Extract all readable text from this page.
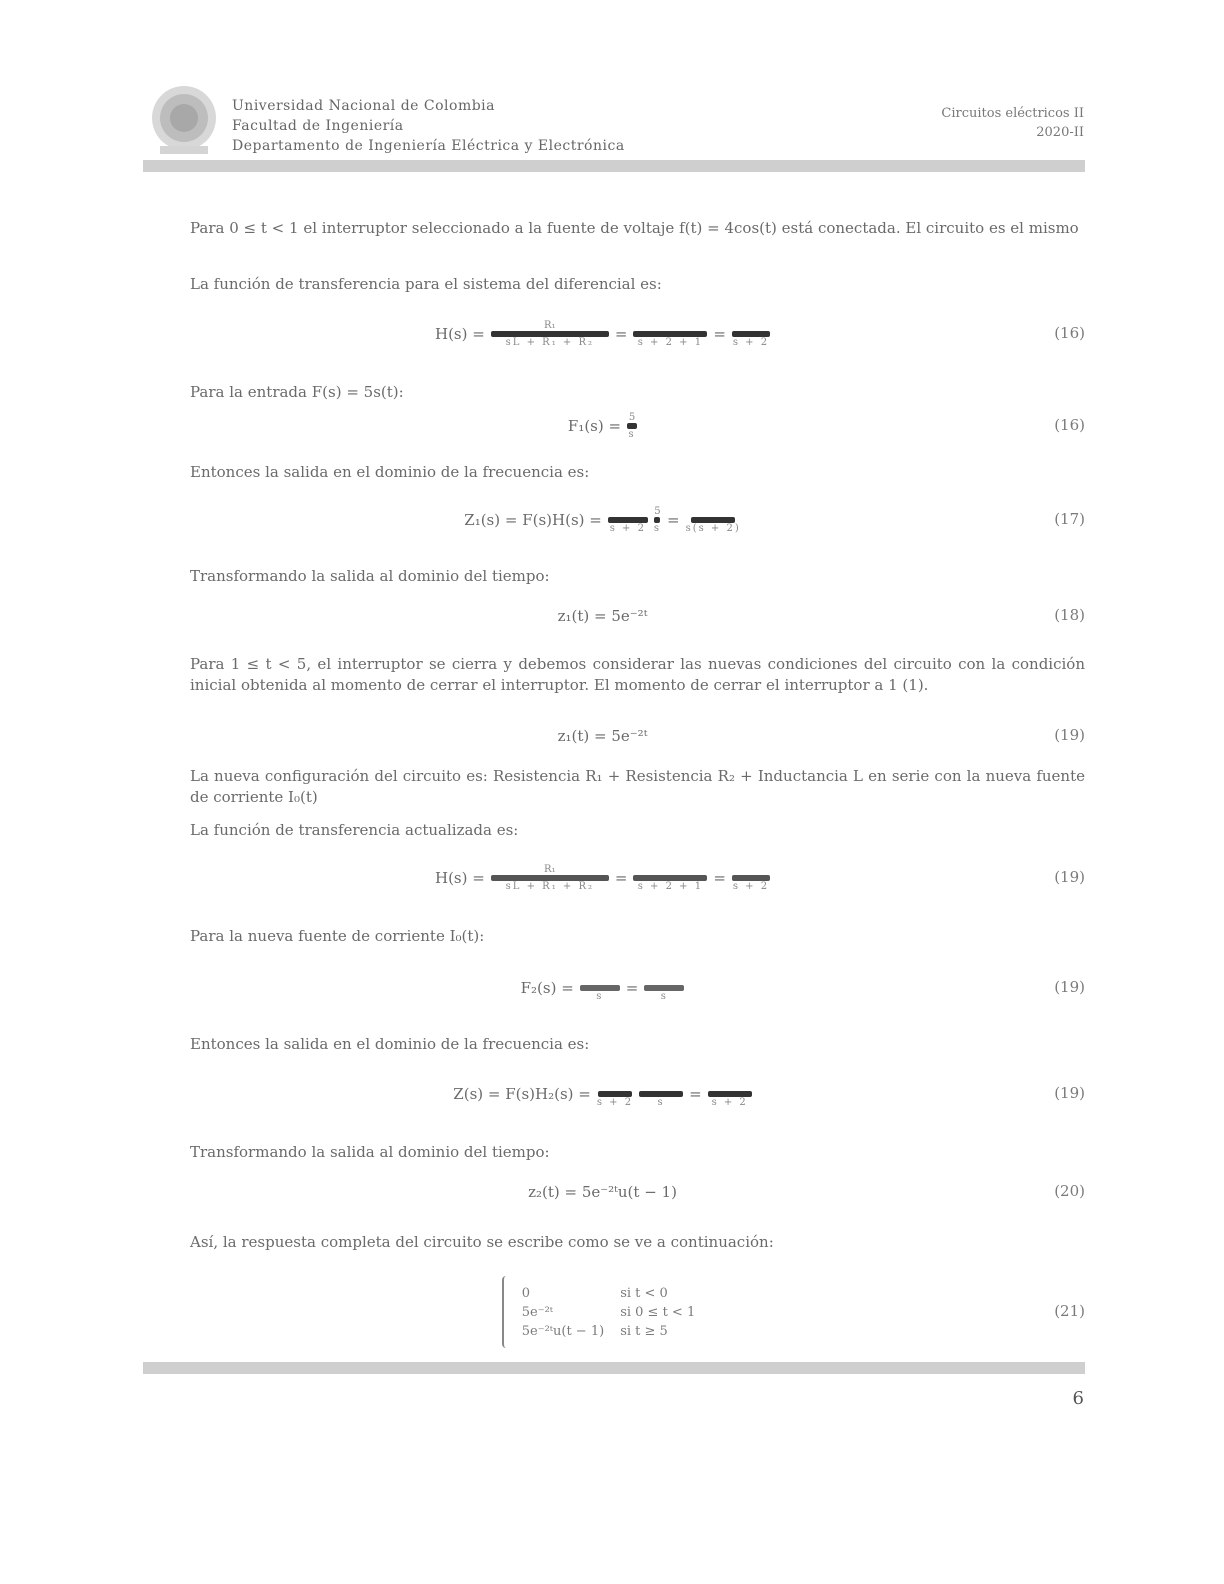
Universidad Nacional de Colombia
Facultad de Ingeniería
Departamento de Ingeniería Eléctrica y Electrónica
Circuitos eléctricos II
2020-II
Para 0 ≤ t < 1 el interruptor seleccionado a la fuente de voltaje f(t) = 4cos(t) está conectada. El circuito es el mismo
La función de transferencia para el sistema del diferencial es:
H(s) =	R₁
sL + R₁ + R₂ =
s + 2 + 1 =
s + 2
(16)
Para la entrada F(s) = 5s(t):
F₁(s) = 5
s
(16)
Entonces la salida en el dominio de la frecuencia es:
Z₁(s) = F(s)H(s) =
s + 2
5
s =
s(s + 2)
(17)
Transformando la salida al dominio del tiempo:
z₁(t) = 5e⁻²ᵗ	(18)
Para 1 ≤ t < 5, el interruptor se cierra y debemos considerar las nuevas condiciones del circuito con la condición inicial obtenida al momento de cerrar el interruptor. El momento de cerrar el interruptor a 1 (1).
z₁(t) = 5e⁻²ᵗ	(19)
La nueva configuración del circuito es: Resistencia R₁ + Resistencia R₂ + Inductancia L en serie con la nueva fuente de corriente I₀(t)
La función de transferencia actualizada es:
H(s) =	R₁
sL + R₁ + R₂ =
s + 2 + 1 =
s + 2
(19)
Para la nueva fuente de corriente I₀(t):
F₂(s) =
s =
s
(19)
Entonces la salida en el dominio de la frecuencia es:
Z(s) = F(s)H₂(s) =
s + 2
s =
s + 2
(19)
Transformando la salida al dominio del tiempo:
z₂(t) = 5e⁻²ᵗu(t − 1)	(20)
Así, la respuesta completa del circuito se escribe como se ve a continuación:
0	si t < 0
5e⁻²ᵗ	si 0 ≤ t < 1
5e⁻²ᵗu(t − 1)	si t ≥ 5
(21)
6
